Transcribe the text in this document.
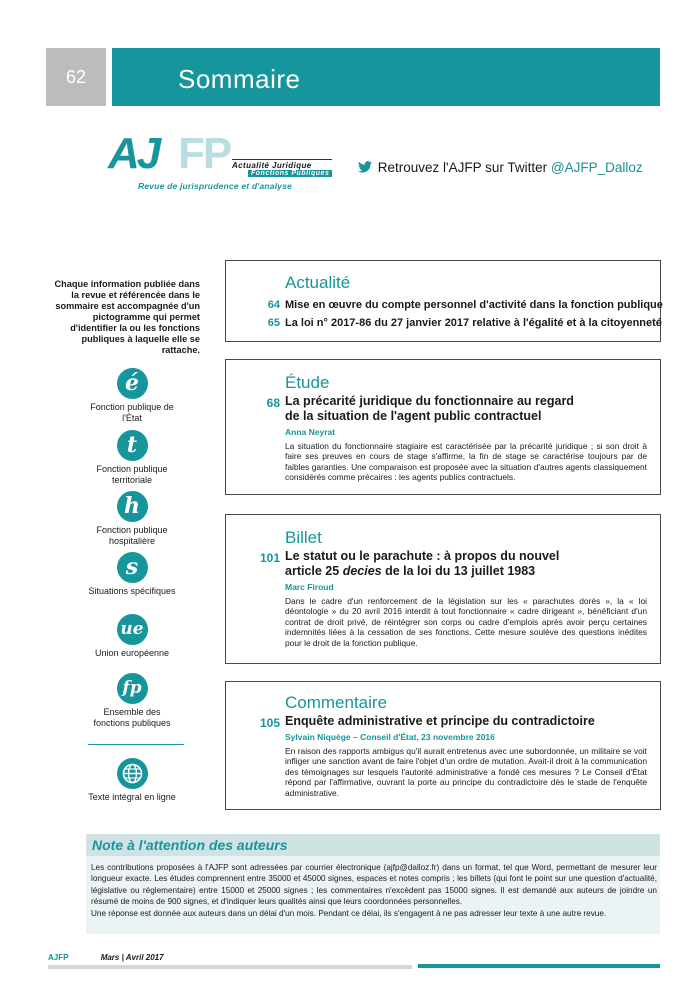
62	Sommaire
AJ FP Actualité Juridique
Fonctions Publiques
Revue de jurisprudence et d'analyse
Retrouvez l'AJFP sur Twitter @AJFP_Dalloz
Chaque information publiée dans la revue et référencée dans le sommaire est accompagnée d'un pictogramme qui permet d'identifier la ou les fonctions publiques à laquelle elle se rattache.
é
Fonction publique de l'État
t
Fonction publique territoriale
h
Fonction publique hospitalière
s
Situations spécifiques
ue
Union européenne
fp
Ensemble des fonctions publiques
Texte intégral en ligne
Actualité
64 Mise en œuvre du compte personnel d'activité dans la fonction publique
65 La loi n° 2017-86 du 27 janvier 2017 relative à l'égalité et à la citoyenneté
Étude
68 La précarité juridique du fonctionnaire au regard de la situation de l'agent public contractuel
Anna Neyrat
La situation du fonctionnaire stagiaire est caractérisée par la précarité juridique ; si son droit à faire ses preuves en cours de stage s'affirme, la fin de stage se caractérise toujours par de faibles garanties. Une comparaison est proposée avec la situation d'autres agents classiquement considérés comme précaires : les agents publics contractuels.
Billet
101 Le statut ou le parachute : à propos du nouvel
article 25 decies de la loi du 13 juillet 1983
Marc Firoud
Dans le cadre d'un renforcement de la législation sur les « parachutes dorés », la « loi déontologie » du 20 avril 2016 interdit à tout fonctionnaire « cadre dirigeant », bénéficiant d'un contrat de droit privé, de réintégrer son corps ou cadre d'emplois après avoir perçu certaines indemnités liées à la cessation de ses fonctions. Cette mesure soulève des questions inédites pour le droit de la fonction publique.
Commentaire
105 Enquête administrative et principe du contradictoire
Sylvain Niquège – Conseil d'État, 23 novembre 2016
En raison des rapports ambigus qu'il aurait entretenus avec une subordonnée, un militaire se voit infliger une sanction avant de faire l'objet d'un ordre de mutation. Avait-il droit à la communication des témoignages sur lesquels l'autorité administrative a fondé ces mesures ? Le Conseil d'État répond par l'affirmative, ouvrant la porte au principe du contradictoire dès le stade de l'enquête administrative.
Note à l'attention des auteurs

Les contributions proposées à l'AJFP sont adressées par courrier électronique (ajfp@dalloz.fr) dans un format, tel que Word, permettant de mesurer leur longueur exacte. Les études comprennent entre 35000 et 45000 signes, espaces et notes compris ; les billets (qui font le point sur une question d'actualité, législative ou réglementaire) entre 15000 et 25000 signes ; les commentaires n'excèdent pas 15000 signes. Il est demandé aux auteurs de joindre un résumé de moins de 900 signes, et d'indiquer leurs qualités ainsi que leurs coordonnées personnelles.

Une réponse est donnée aux auteurs dans un délai d'un mois. Pendant ce délai, ils s'engagent à ne pas adresser leur texte à une autre revue.

AJFP	Mars | Avril 2017
